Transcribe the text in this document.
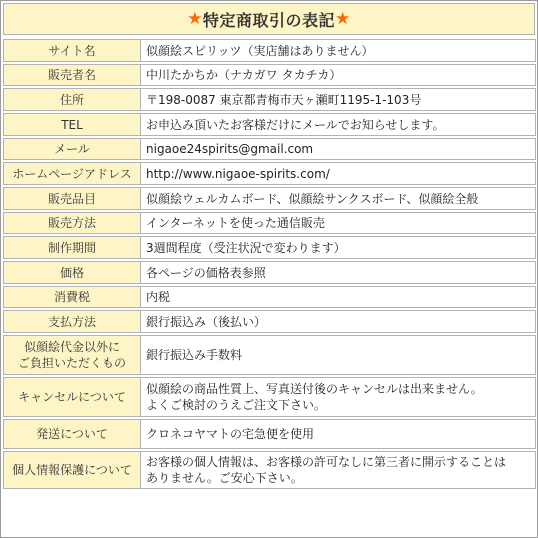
★ 特定商取引の表記 ★
サイト名	似顔絵スピリッツ（実店舗はありません）
販売者名	中川たかちか（ナカガワ タカチカ）
住所	〒198-0087 東京都青梅市天ヶ瀬町1195-1-103号
TEL	お申込み頂いたお客様だけにメールでお知らせします。
メール	nigaoe24spirits@gmail.com
ホームページアドレス	http://www.nigaoe-spirits.com/
販売品目	似顔絵ウェルカムボード、似顔絵サンクスボード、似顔絵全般
販売方法	インターネットを使った通信販売
制作期間	3週間程度（受注状況で変わります）
価格	各ページの価格表参照
消費税	内税
支払方法	銀行振込み（後払い）

似顔絵代金以外に
ご負担いただくもの	銀行振込み手数料
キャンセルについて	似顔絵の商品性質上、写真送付後のキャンセルは出来ません。
よくご検討のうえご注文下さい。

発送について	クロネコヤマトの宅急便を使用
個人情報保護について	お客様の個人情報は、お客様の許可なしに第三者に開示することは
ありません。ご安心下さい。
